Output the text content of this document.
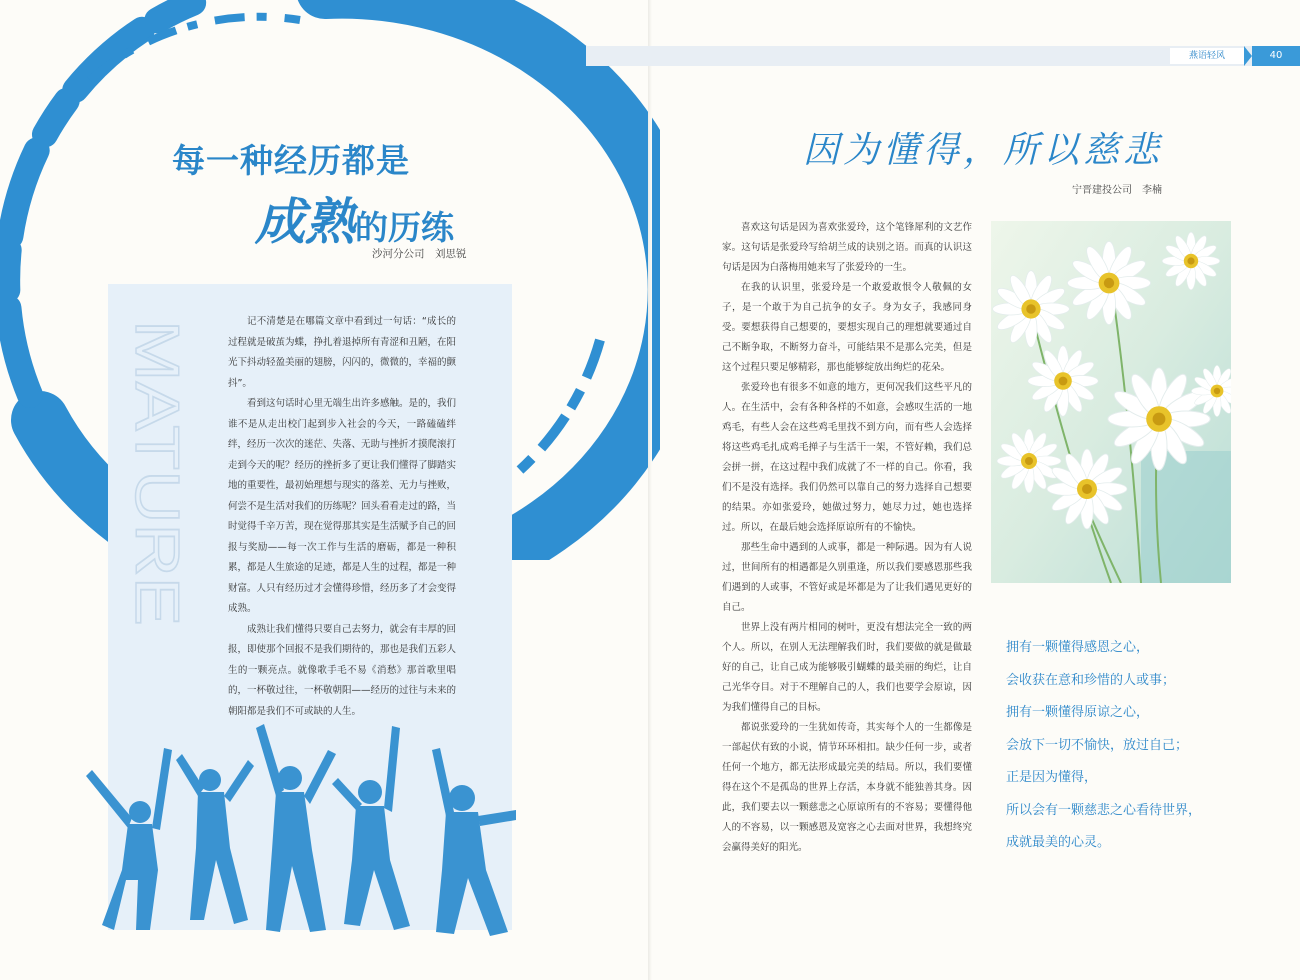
每一种经历都是
成熟的历练
沙河分公司　刘思锐
MATURE	记不清楚是在哪篇文章中看到过一句话：“成长的过程就是破茧为蝶，挣扎着退掉所有青涩和丑陋，在阳光下抖动轻盈美丽的翅膀，闪闪的，微微的，幸福的颤抖”。

看到这句话时心里无端生出许多感触。是的，我们谁不是从走出校门起到步入社会的今天，一路磕磕绊绊，经历一次次的迷茫、失落、无助与挫折才摸爬滚打走到今天的呢？经历的挫折多了更让我们懂得了脚踏实地的重要性，最初始理想与现实的落差、无力与挫败，何尝不是生活对我们的历练呢？回头看看走过的路，当时觉得千辛万苦，现在觉得那其实是生活赋予自己的回报与奖励——每一次工作与生活的磨砺，都是一种积累，都是人生旅途的足迹，都是人生的过程，都是一种财富。人只有经历过才会懂得珍惜，经历多了才会变得成熟。

成熟让我们懂得只要自己去努力，就会有丰厚的回报，即使那个回报不是我们期待的，那也是我们五彩人生的一颗亮点。就像歌手毛不易《消愁》那首歌里唱的，一杯敬过往，一杯敬朝阳——经历的过往与未来的朝阳都是我们不可或缺的人生。

燕语轻风	40
因为懂得，所以慈悲
宁晋建投公司　李楠

喜欢这句话是因为喜欢张爱玲，这个笔锋犀利的文艺作家。这句话是张爱玲写给胡兰成的诀别之语。而真的认识这句话是因为白落梅用她来写了张爱玲的一生。

在我的认识里，张爱玲是一个敢爱敢恨令人敬佩的女子，是一个敢于为自己抗争的女子。身为女子，我感同身受。要想获得自己想要的，要想实现自己的理想就要通过自己不断争取，不断努力奋斗，可能结果不是那么完美，但是这个过程只要足够精彩，那也能够绽放出绚烂的花朵。

张爱玲也有很多不如意的地方，更何况我们这些平凡的人。在生活中，会有各种各样的不如意，会感叹生活的一地鸡毛，有些人会在这些鸡毛里找不到方向，而有些人会选择将这些鸡毛扎成鸡毛掸子与生活干一架，不管好赖，我们总会拼一拼，在这过程中我们成就了不一样的自己。你看，我们不是没有选择。我们仍然可以靠自己的努力选择自己想要的结果。亦如张爱玲，她做过努力，她尽力过，她也选择过。所以，在最后她会选择原谅所有的不愉快。

那些生命中遇到的人或事，都是一种际遇。因为有人说过，世间所有的相遇都是久别重逢，所以我们要感恩那些我们遇到的人或事，不管好或是坏都是为了让我们遇见更好的自己。

世界上没有两片相同的树叶，更没有想法完全一致的两个人。所以，在别人无法理解我们时，我们要做的就是做最好的自己，让自己成为能够吸引蝴蝶的最美丽的绚烂，让自己光华夺目。对于不理解自己的人，我们也要学会原谅，因为我们懂得自己的目标。

都说张爱玲的一生犹如传奇，其实每个人的一生都像是一部起伏有致的小说，情节环环相扣。缺少任何一步，或者任何一个地方，都无法形成最完美的结局。所以，我们要懂得在这个不是孤岛的世界上存活，本身就不能独善其身。因此，我们要去以一颗慈悲之心原谅所有的不容易；要懂得他人的不容易，以一颗感恩及宽容之心去面对世界，我想终究会赢得美好的阳光。

拥有一颗懂得感恩之心，
会收获在意和珍惜的人或事；
拥有一颗懂得原谅之心，
会放下一切不愉快，放过自己；
正是因为懂得，
所以会有一颗慈悲之心看待世界，
成就最美的心灵。
